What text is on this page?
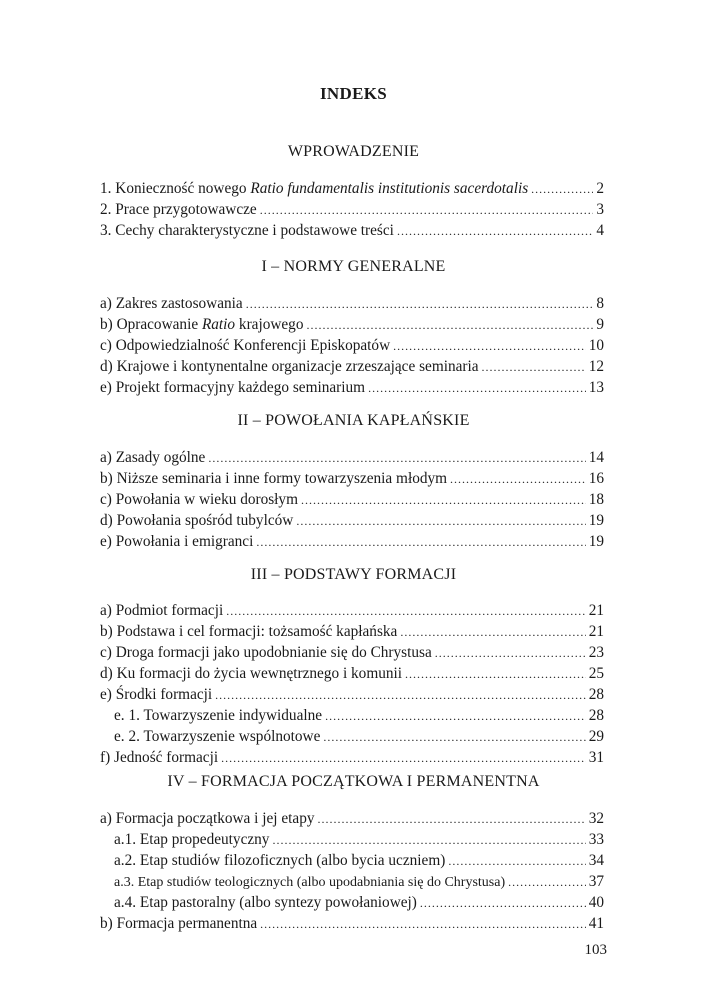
INDEKS
WPROWADZENIE
1. Konieczność nowego Ratio fundamentalis institutionis sacerdotalis .....	2
2. Prace przygotowawcze .....	3
3. Cechy charakterystyczne i podstawowe treści .....	4
I – NORMY GENERALNE
a) Zakres zastosowania .....	8
b) Opracowanie Ratio krajowego .....	9
c) Odpowiedzialność Konferencji Episkopatów .....	10
d) Krajowe i kontynentalne organizacje zrzeszające seminaria .....	12
e) Projekt formacyjny każdego seminarium .....	13
II – POWOŁANIA KAPŁAŃSKIE
a) Zasady ogólne .....	14
b) Niższe seminaria i inne formy towarzyszenia młodym .....	16
c) Powołania w wieku dorosłym .....	18
d) Powołania spośród tubylców .....	19
e) Powołania i emigranci .....	19
III – PODSTAWY FORMACJI
a) Podmiot formacji .....	21
b) Podstawa i cel formacji: tożsamość kapłańska .....	21
c) Droga formacji jako upodobnianie się do Chrystusa .....	23
d) Ku formacji do życia wewnętrznego i komunii .....	25
e) Środki formacji .....	28
e. 1. Towarzyszenie indywidualne .....	28
e. 2. Towarzyszenie wspólnotowe .....	29
f) Jedność formacji .....	31
IV – FORMACJA POCZĄTKOWA I PERMANENTNA
a) Formacja początkowa i jej etapy .....	32
a.1. Etap propedeutyczny .....	33
a.2. Etap studiów filozoficznych (albo bycia uczniem) .....	34
a.3. Etap studiów teologicznych (albo upodabniania się do Chrystusa) .....	37
a.4. Etap pastoralny (albo syntezy powołaniowej) .....	40
b) Formacja permanentna .....	41
103
